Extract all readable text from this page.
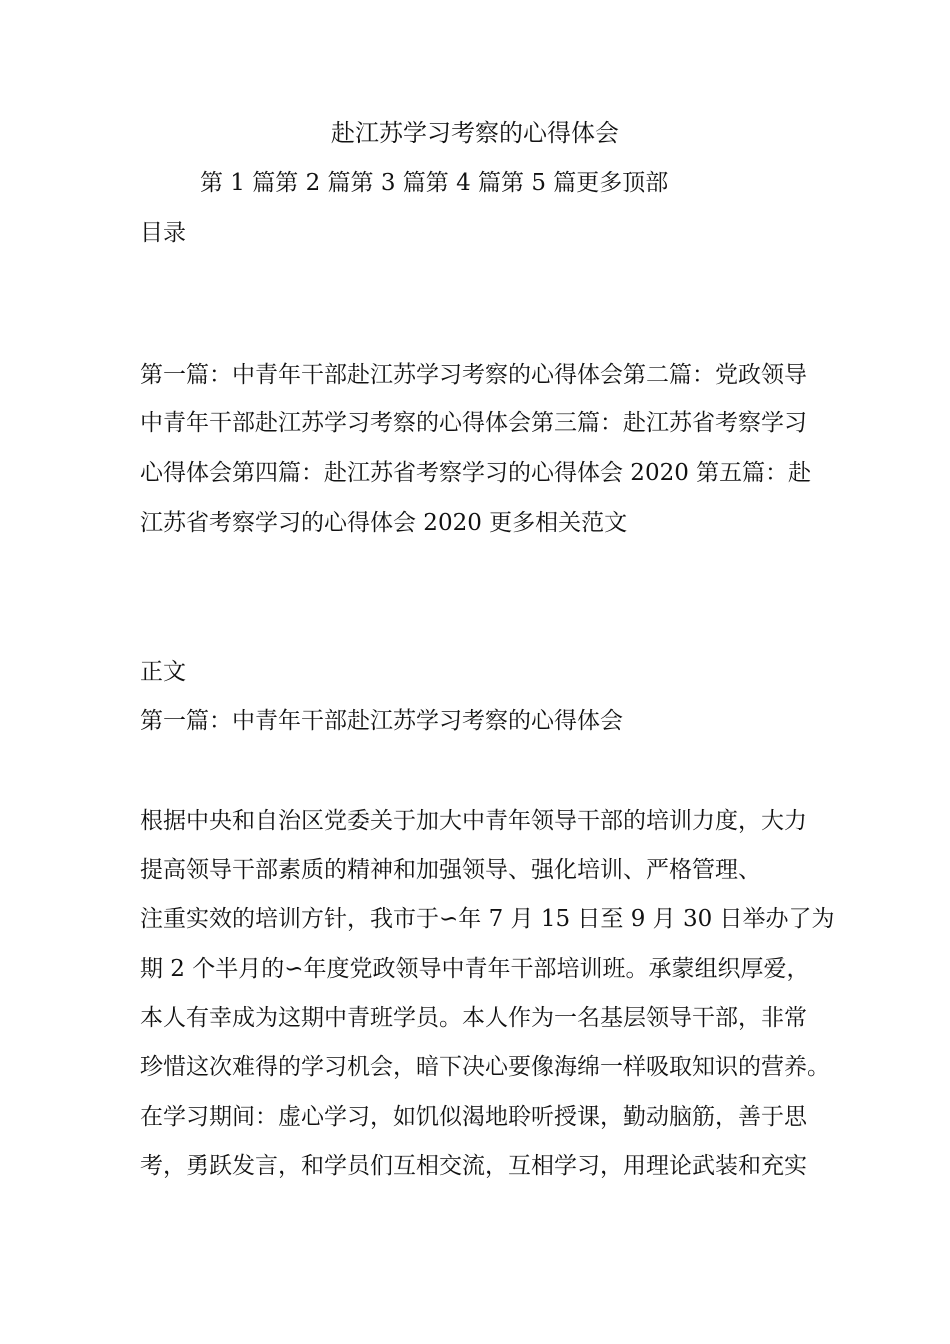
赴江苏学习考察的心得体会
第 1 篇第 2 篇第 3 篇第 4 篇第 5 篇更多顶部
目录
第一篇：中青年干部赴江苏学习考察的心得体会第二篇：党政领导
中青年干部赴江苏学习考察的心得体会第三篇：赴江苏省考察学习
心得体会第四篇：赴江苏省考察学习的心得体会 2020 第五篇：赴
江苏省考察学习的心得体会 2020 更多相关范文
正文
第一篇：中青年干部赴江苏学习考察的心得体会
根据中央和自治区党委关于加大中青年领导干部的培训力度，大力
提高领导干部素质的精神和加强领导、强化培训、严格管理、
注重实效的培训方针，我市于∽年 7 月 15 日至 9 月 30 日举办了为
期 2 个半月的∽年度党政领导中青年干部培训班。承蒙组织厚爱，
本人有幸成为这期中青班学员。本人作为一名基层领导干部，非常
珍惜这次难得的学习机会，暗下决心要像海绵一样吸取知识的营养。
在学习期间：虚心学习，如饥似渴地聆听授课，勤动脑筋，善于思
考，勇跃发言，和学员们互相交流，互相学习，用理论武装和充实
